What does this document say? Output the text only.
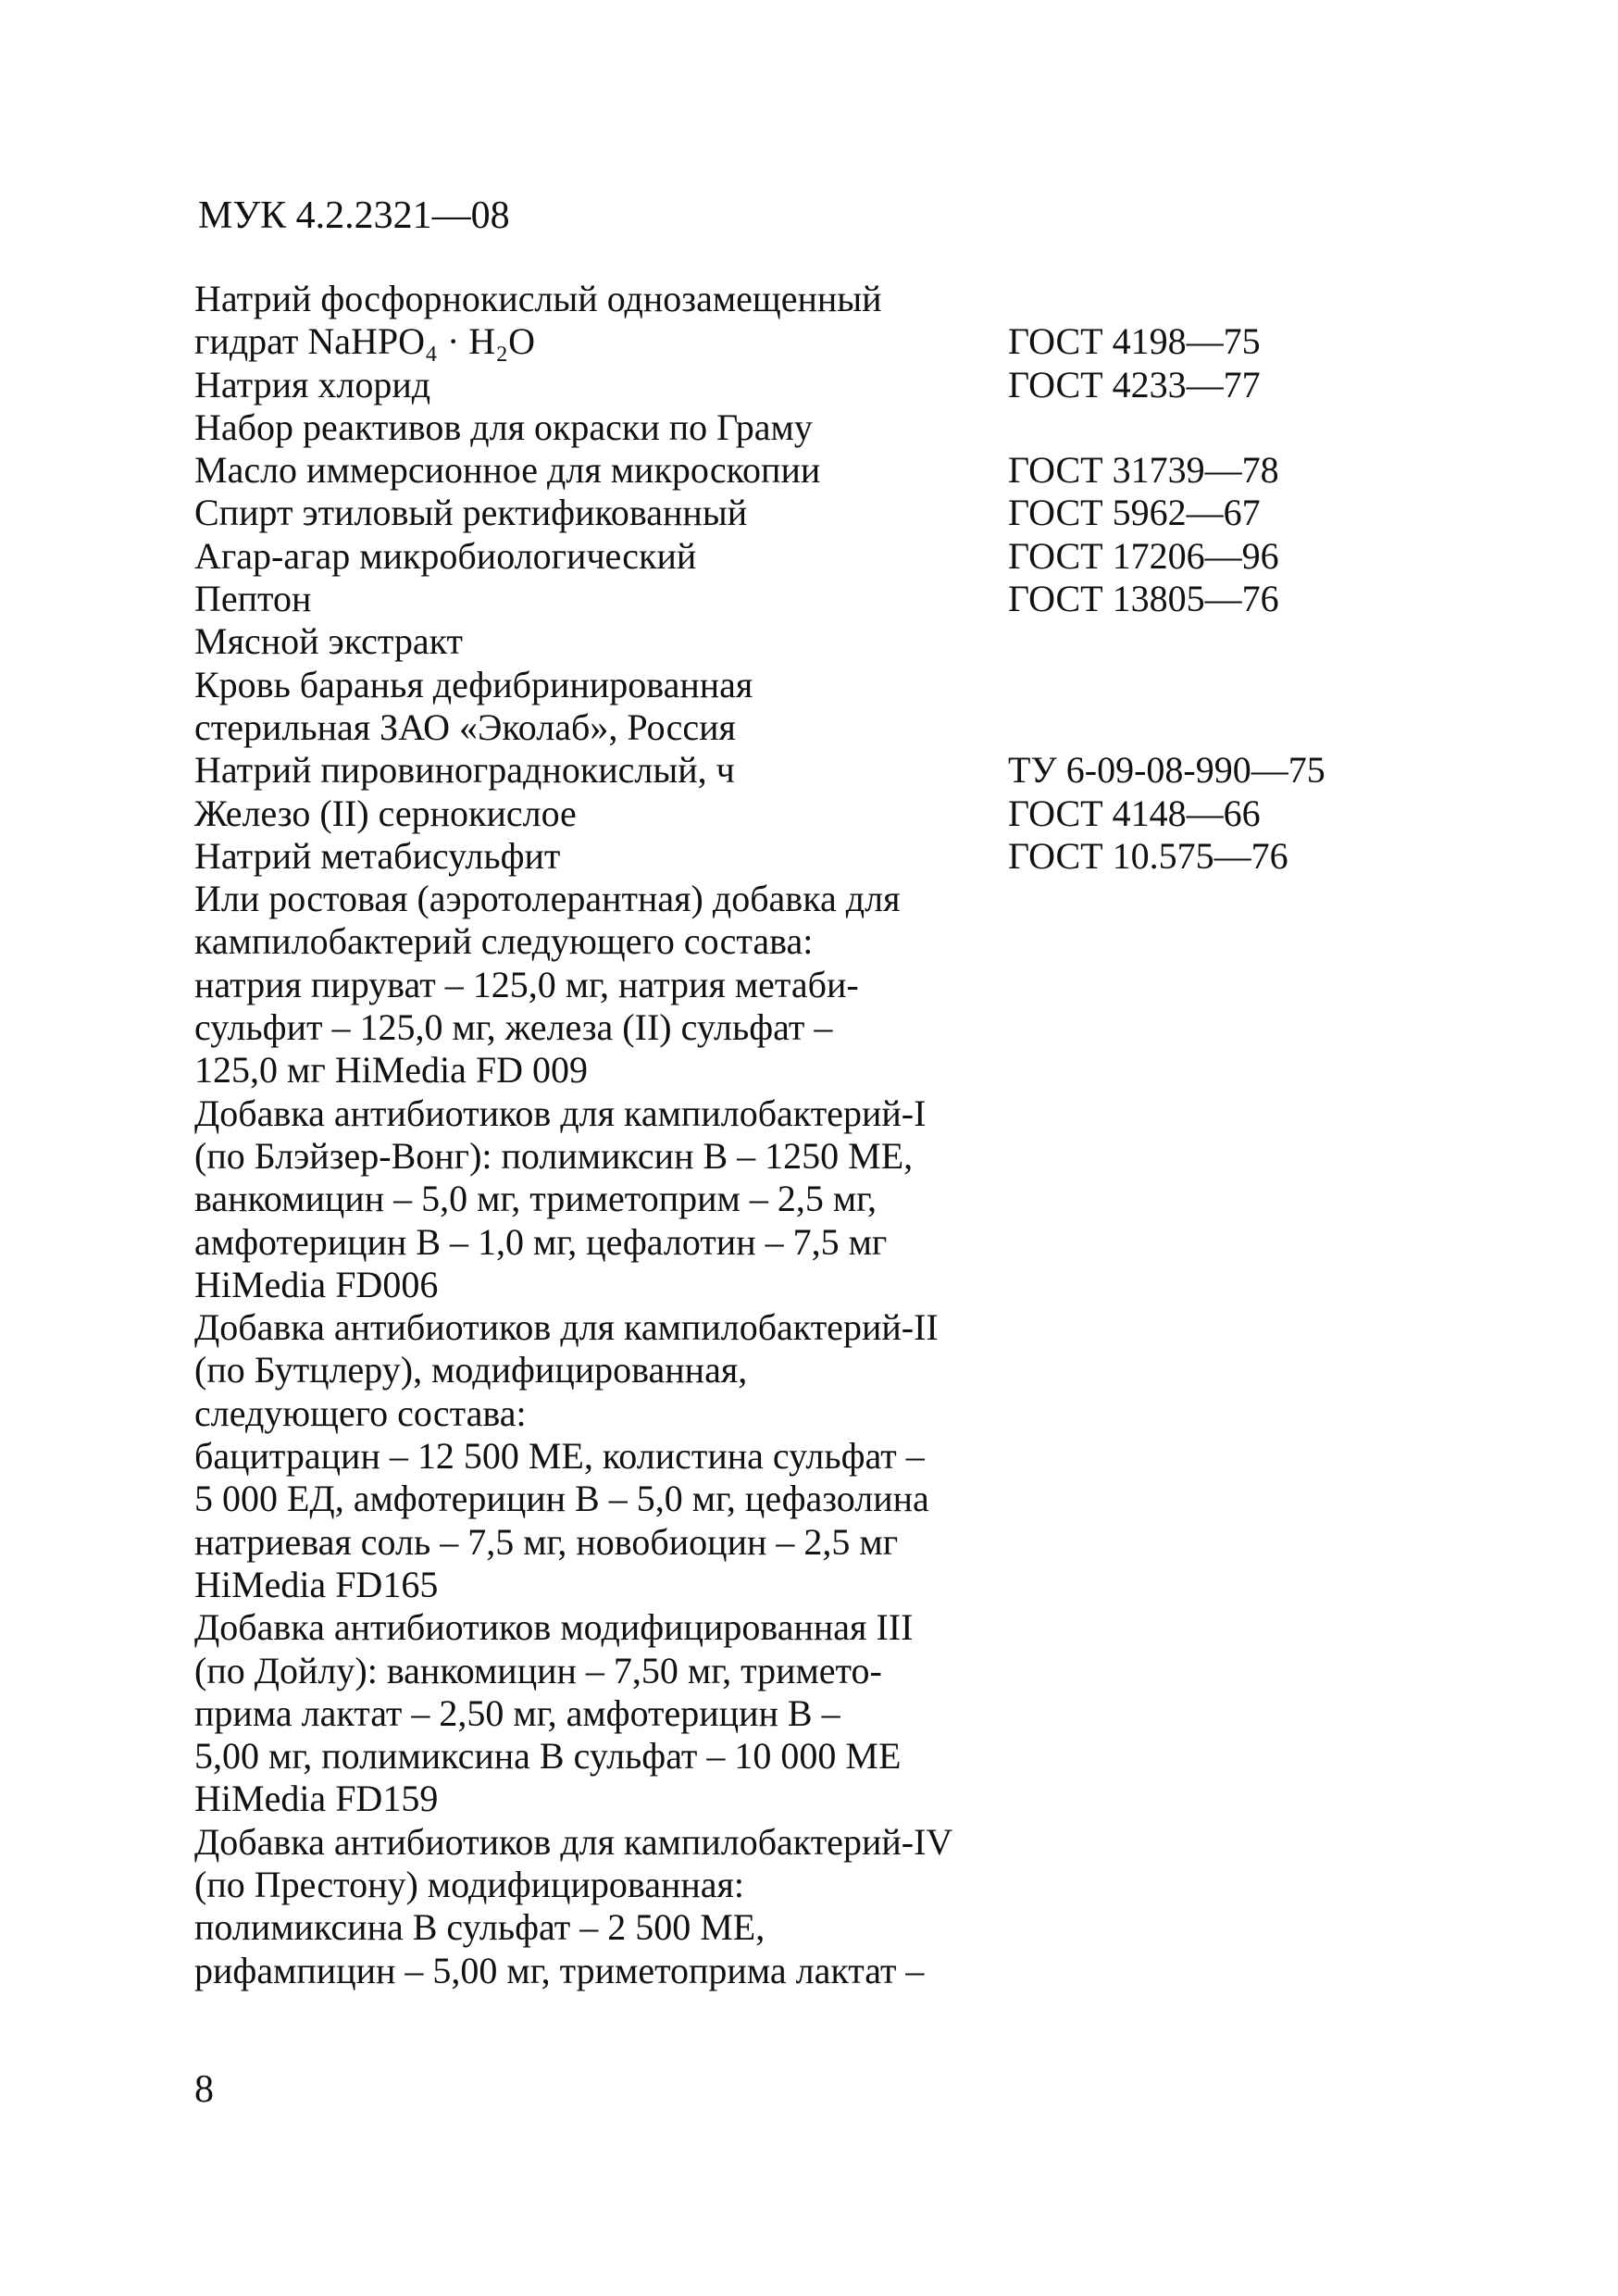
МУК 4.2.2321—08
Натрий фосфорнокислый однозамещенный
гидрат NaHPO₄ · H₂O	ГОСТ 4198—75
Натрия хлорид	ГОСТ 4233—77
Набор реактивов для окраски по Граму
Масло иммерсионное для микроскопии	ГОСТ 31739—78
Спирт этиловый ректификованный	ГОСТ 5962—67
Агар-агар микробиологический	ГОСТ 17206—96
Пептон	ГОСТ 13805—76
Мясной экстракт
Кровь баранья дефибринированная
стерильная ЗАО «Эколаб», Россия
Натрий пировиноградн​окислый, ч	ТУ 6-09-08-990—75
Железо (II) сернокислое	ГОСТ 4148—66
Натрий метабисульфит	ГОСТ 10.575—76
Или ростовая (аэротолерантная) добавка для
кампилобактерий следующего состава:
натрия пируват – 125,0 мг, натрия метаби-
сульфит – 125,0 мг, железа (II) сульфат –
125,0 мг HiMedia FD 009
Добавка антибиотиков для кампилобактерий-I
(по Блэйзер-Вонг): полимиксин В – 1250 МЕ,
ванкомицин – 5,0 мг, триметоприм – 2,5 мг,
амфотерицин В – 1,0 мг, цефалотин – 7,5 мг
HiMedia FD006
Добавка антибиотиков для кампилобактерий-II
(по Бутцлеру), модифицированная,
следующего состава:
бацитрацин – 12 500 МЕ, колистина сульфат –
5 000 ЕД, амфотерицин В – 5,0 мг, цефазолина
натриевая соль – 7,5 мг, новобиоцин – 2,5 мг
HiMedia FD165
Добавка антибиотиков модифицированная III
(по Дойлу): ванкомицин – 7,50 мг, тримето-
прима лактат – 2,50 мг, амфотерицин В –
5,00 мг, полимиксина В сульфат – 10 000 МЕ
HiMedia FD159
Добавка антибиотиков для кампилобактерий-IV
(по Престону) модифицированная:
полимиксина В сульфат – 2 500 МЕ,
рифампицин – 5,00 мг, триметоприма лактат –
8
